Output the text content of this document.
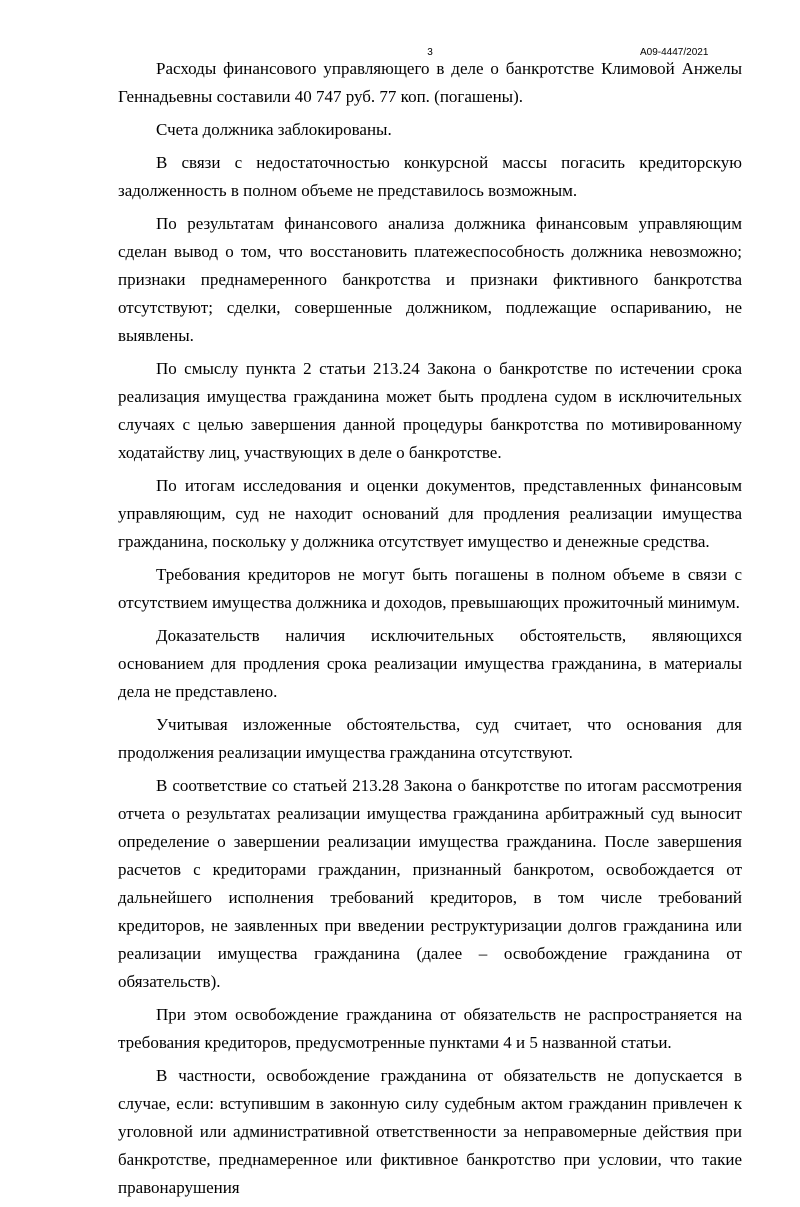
3	А09-4447/2021

Расходы финансового управляющего в деле о банкротстве Климовой Анжелы Геннадьевны составили 40 747 руб. 77 коп. (погашены).

Счета должника заблокированы.

В связи с недостаточностью конкурсной массы погасить кредиторскую задолженность в полном объеме не представилось возможным.

По результатам финансового анализа должника финансовым управляющим сделан вывод о том, что восстановить платежеспособность должника невозможно; признаки преднамеренного банкротства и признаки фиктивного банкротства отсутствуют; сделки, совершенные должником, подлежащие оспариванию, не выявлены.

По смыслу пункта 2 статьи 213.24 Закона о банкротстве по истечении срока реализация имущества гражданина может быть продлена судом в исключительных случаях с целью завершения данной процедуры банкротства по мотивированному ходатайству лиц, участвующих в деле о банкротстве.

По итогам исследования и оценки документов, представленных финансовым управляющим, суд не находит оснований для продления реализации имущества гражданина, поскольку у должника отсутствует имущество и денежные средства.

Требования кредиторов не могут быть погашены в полном объеме в связи с отсутствием имущества должника и доходов, превышающих прожиточный минимум.

Доказательств наличия исключительных обстоятельств, являющихся основанием для продления срока реализации имущества гражданина, в материалы дела не представлено.

Учитывая изложенные обстоятельства, суд считает, что основания для продолжения реализации имущества гражданина отсутствуют.

В соответствие со статьей 213.28 Закона о банкротстве по итогам рассмотрения отчета о результатах реализации имущества гражданина арбитражный суд выносит определение о завершении реализации имущества гражданина. После завершения расчетов с кредиторами гражданин, признанный банкротом, освобождается от дальнейшего исполнения требований кредиторов, в том числе требований кредиторов, не заявленных при введении реструктуризации долгов гражданина или реализации имущества гражданина (далее – освобождение гражданина от обязательств).

При этом освобождение гражданина от обязательств не распространяется на требования кредиторов, предусмотренные пунктами 4 и 5 названной статьи.

В частности, освобождение гражданина от обязательств не допускается в случае, если: вступившим в законную силу судебным актом гражданин привлечен к уголовной или административной ответственности за неправомерные действия при банкротстве, преднамеренное или фиктивное банкротство при условии, что такие правонарушения
